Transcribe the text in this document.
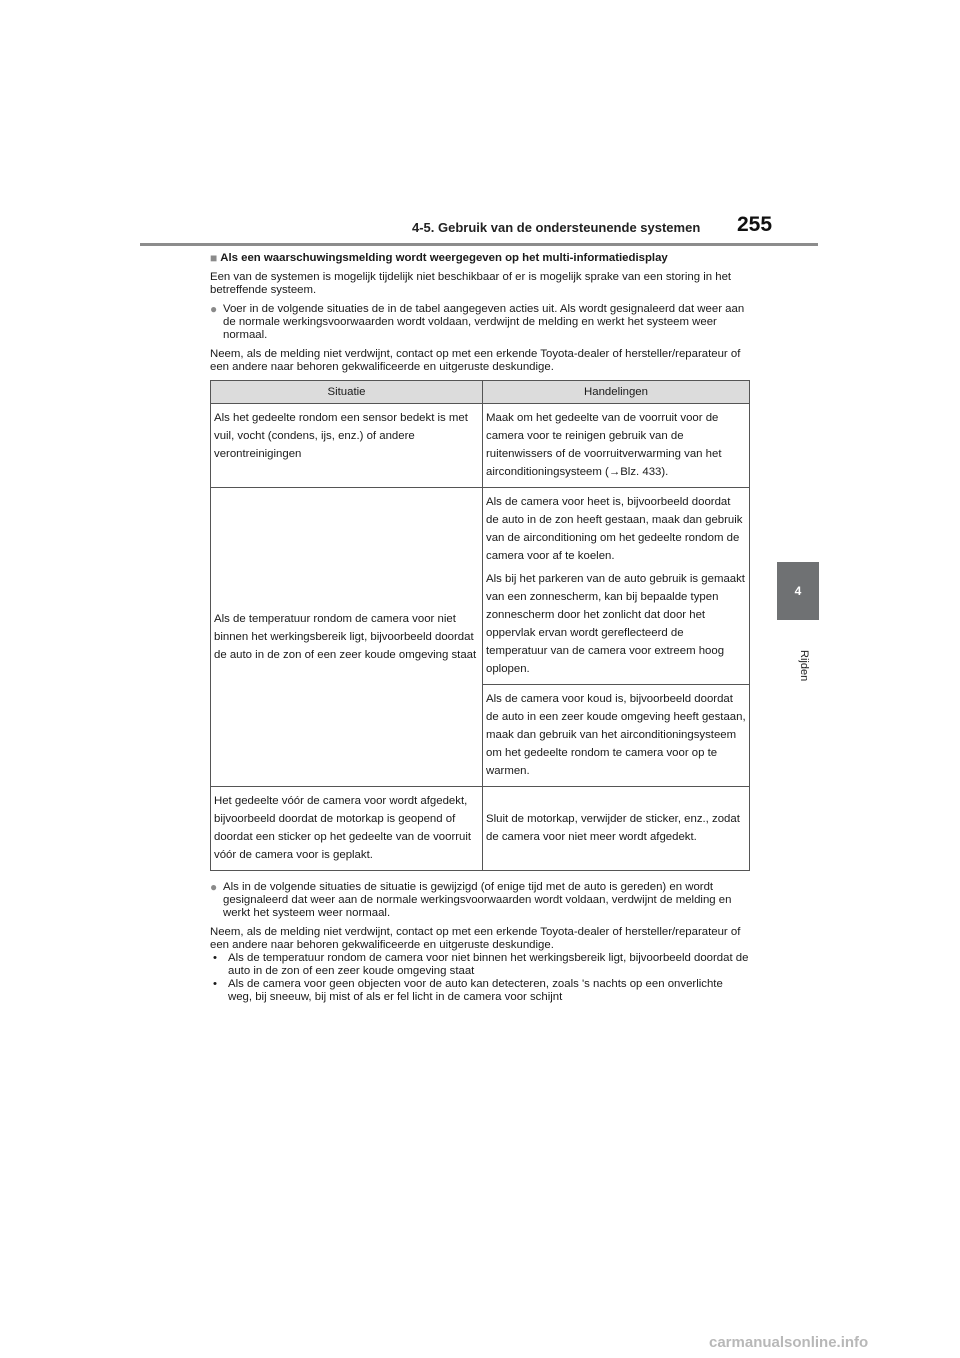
4-5. Gebruik van de ondersteunende systemen 255
4
Rijden
■ Als een waarschuwingsmelding wordt weergegeven op het multi-informatiedisplay

Een van de systemen is mogelijk tijdelijk niet beschikbaar of er is mogelijk sprake van een storing in het betreffende systeem.

● Voer in de volgende situaties de in de tabel aangegeven acties uit. Als wordt gesignaleerd dat weer aan de normale werkingsvoorwaarden wordt voldaan, verdwijnt de melding en werkt het systeem weer normaal.

Neem, als de melding niet verdwijnt, contact op met een erkende Toyota-dealer of hersteller/reparateur of een andere naar behoren gekwalificeerde en uitgeruste deskundige.

Situatie	Handelingen
Als het gedeelte rondom een sensor bedekt is met vuil, vocht (condens, ijs, enz.) of andere verontreinigingen	Maak om het gedeelte van de voorruit voor de camera voor te reinigen gebruik van de ruitenwissers of de voorruitverwarming van het airconditioningsysteem (→Blz. 433).
Als de temperatuur rondom de camera voor niet binnen het werkingsbereik ligt, bijvoorbeeld doordat de auto in de zon of een zeer koude omgeving staat	Als de camera voor heet is, bijvoorbeeld doordat de auto in de zon heeft gestaan, maak dan gebruik van de airconditioning om het gedeelte rondom de camera voor af te koelen.
	Als bij het parkeren van de auto gebruik is gemaakt van een zonnescherm, kan bij bepaalde typen zonnescherm door het zonlicht dat door het oppervlak ervan wordt gereflecteerd de temperatuur van de camera voor extreem hoog oplopen.
	Als de camera voor koud is, bijvoorbeeld doordat de auto in een zeer koude omgeving heeft gestaan, maak dan gebruik van het airconditioningsysteem om het gedeelte rondom te camera voor op te warmen.
Het gedeelte vóór de camera voor wordt afgedekt, bijvoorbeeld doordat de motorkap is geopend of doordat een sticker op het gedeelte van de voorruit vóór de camera voor is geplakt.	Sluit de motorkap, verwijder de sticker, enz., zodat de camera voor niet meer wordt afgedekt.
● Als in de volgende situaties de situatie is gewijzigd (of enige tijd met de auto is gereden) en wordt gesignaleerd dat weer aan de normale werkingsvoorwaarden wordt voldaan, verdwijnt de melding en werkt het systeem weer normaal.

Neem, als de melding niet verdwijnt, contact op met een erkende Toyota-dealer of hersteller/reparateur of een andere naar behoren gekwalificeerde en uitgeruste deskundige.

• Als de temperatuur rondom de camera voor niet binnen het werkingsbereik ligt, bijvoorbeeld doordat de auto in de zon of een zeer koude omgeving staat
• Als de camera voor geen objecten voor de auto kan detecteren, zoals 's nachts op een onverlichte weg, bij sneeuw, bij mist of als er fel licht in de camera voor schijnt
carmanualsonline.info
